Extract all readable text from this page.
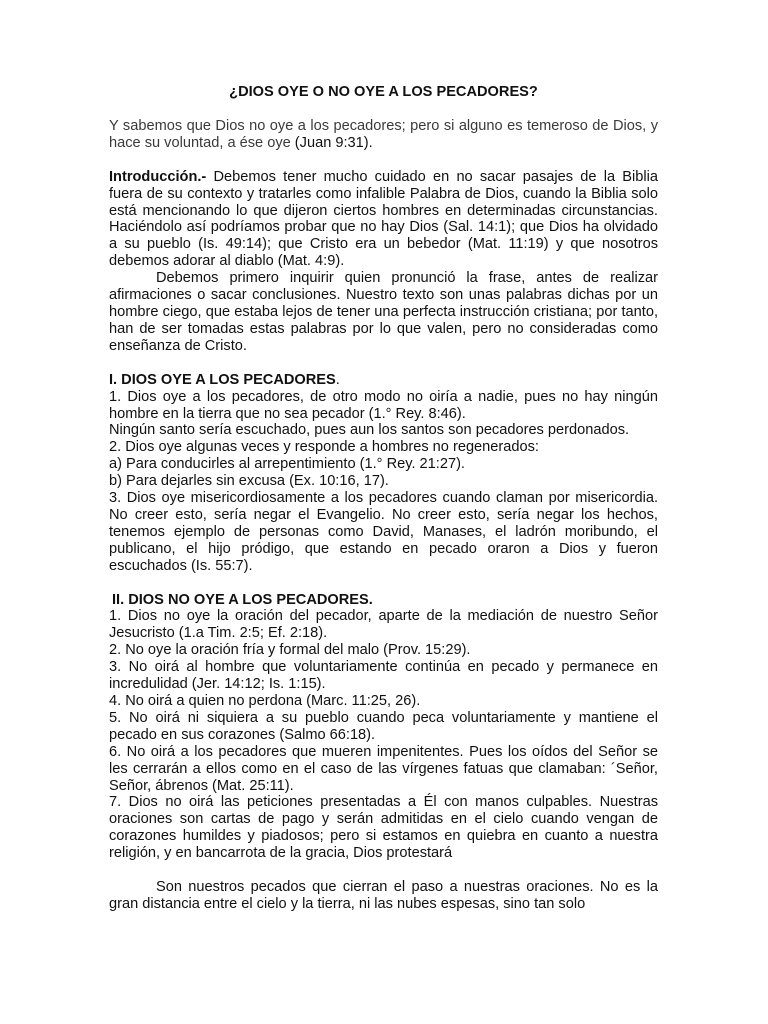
¿DIOS OYE O NO OYE A LOS PECADORES?

Y sabemos que Dios no oye a los pecadores; pero si alguno es temeroso de Dios, y hace su voluntad, a ése oye (Juan 9:31).

Introducción.- Debemos tener mucho cuidado en no sacar pasajes de la Biblia fuera de su contexto y tratarles como infalible Palabra de Dios, cuando la Biblia solo está mencionando lo que dijeron ciertos hombres en determinadas circunstancias. Haciéndolo así podríamos probar que no hay Dios (Sal. 14:1); que Dios ha olvidado a su pueblo (Is. 49:14); que Cristo era un bebedor (Mat. 11:19) y que nosotros debemos adorar al diablo (Mat. 4:9).

Debemos primero inquirir quien pronunció la frase, antes de realizar afirmaciones o sacar conclusiones. Nuestro texto son unas palabras dichas por un hombre ciego, que estaba lejos de tener una perfecta instrucción cristiana; por tanto, han de ser tomadas estas palabras por lo que valen, pero no consideradas como enseñanza de Cristo.

I. DIOS OYE A LOS PECADORES.

1. Dios oye a los pecadores, de otro modo no oiría a nadie, pues no hay ningún hombre en la tierra que no sea pecador (1.° Rey. 8:46).

Ningún santo sería escuchado, pues aun los santos son pecadores perdonados.

2. Dios oye algunas veces y responde a hombres no regenerados:

a) Para conducirles al arrepentimiento (1.° Rey. 21:27).

b) Para dejarles sin excusa (Ex. 10:16, 17).

3. Dios oye misericordiosamente a los pecadores cuando claman por misericordia. No creer esto, sería negar el Evangelio. No creer esto, sería negar los hechos, tenemos ejemplo de personas como David, Manases, el ladrón moribundo, el publicano, el hijo pródigo, que estando en pecado oraron a Dios y fueron escuchados (Is. 55:7).

II. DIOS NO OYE A LOS PECADORES.

1. Dios no oye la oración del pecador, aparte de la mediación de nuestro Señor Jesucristo (1.a Tim. 2:5; Ef. 2:18).

2. No oye la oración fría y formal del malo (Prov. 15:29).

3. No oirá al hombre que voluntariamente continúa en pecado y permanece en incredulidad (Jer. 14:12; Is. 1:15).

4. No oirá a quien no perdona (Marc. 11:25, 26).

5. No oirá ni siquiera a su pueblo cuando peca voluntariamente y mantiene el pecado en sus corazones (Salmo 66:18).

6. No oirá a los pecadores que mueren impenitentes. Pues los oídos del Señor se les cerrarán a ellos como en el caso de las vírgenes fatuas que clamaban: ´Señor, Señor, ábrenos (Mat. 25:11).

7. Dios no oirá las peticiones presentadas a Él con manos culpables. Nuestras oraciones son cartas de pago y serán admitidas en el cielo cuando vengan de corazones humildes y piadosos; pero si estamos en quiebra en cuanto a nuestra religión, y en bancarrota de la gracia, Dios protestará

Son nuestros pecados que cierran el paso a nuestras oraciones. No es la gran distancia entre el cielo y la tierra, ni las nubes espesas, sino tan solo
